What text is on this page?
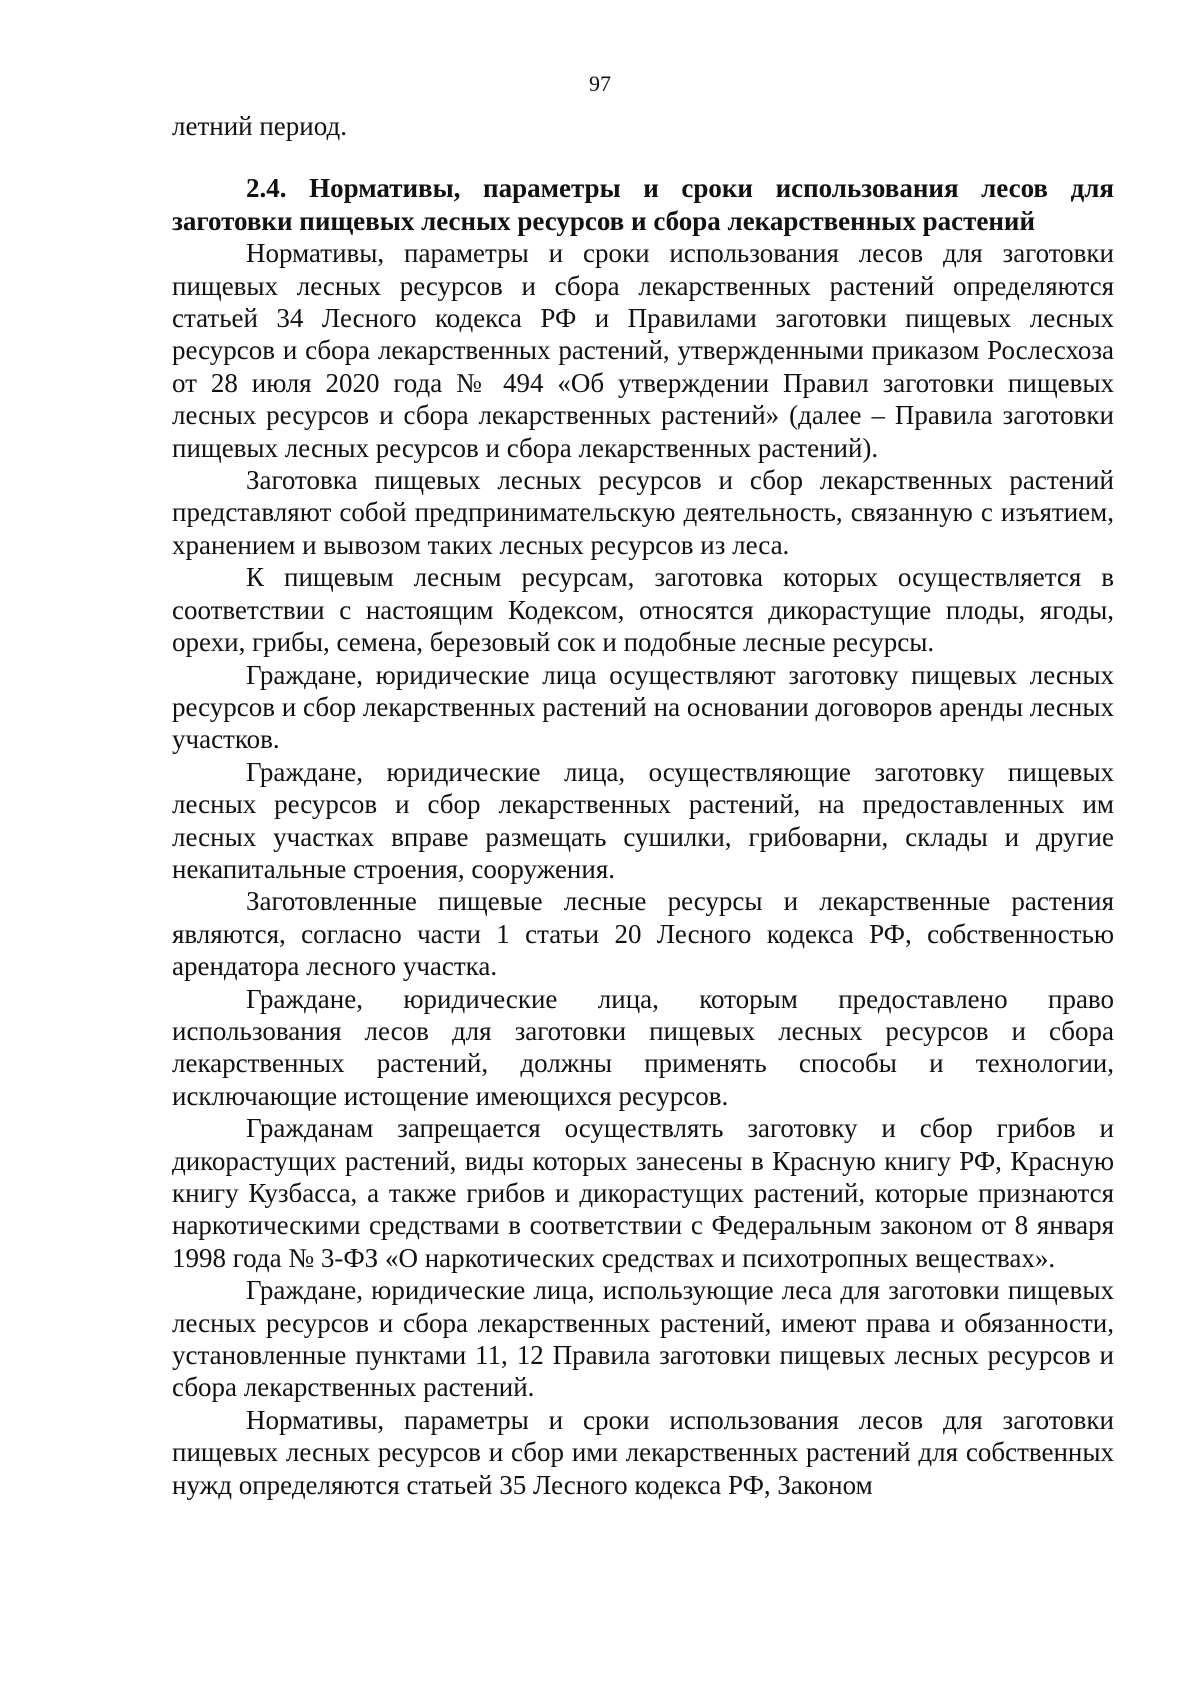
97

летний период.

2.4. Нормативы, параметры и сроки использования лесов для заготовки пищевых лесных ресурсов и сбора лекарственных растений

Нормативы, параметры и сроки использования лесов для заготовки пищевых лесных ресурсов и сбора лекарственных растений определяются статьей 34 Лесного кодекса РФ и Правилами заготовки пищевых лесных ресурсов и сбора лекарственных растений, утвержденными приказом Рослесхоза от 28 июля 2020 года № 494 «Об утверждении Правил заготовки пищевых лесных ресурсов и сбора лекарственных растений» (далее – Правила заготовки пищевых лесных ресурсов и сбора лекарственных растений).

Заготовка пищевых лесных ресурсов и сбор лекарственных растений представляют собой предпринимательскую деятельность, связанную с изъятием, хранением и вывозом таких лесных ресурсов из леса.

К пищевым лесным ресурсам, заготовка которых осуществляется в соответствии с настоящим Кодексом, относятся дикорастущие плоды, ягоды, орехи, грибы, семена, березовый сок и подобные лесные ресурсы.

Граждане, юридические лица осуществляют заготовку пищевых лесных ресурсов и сбор лекарственных растений на основании договоров аренды лесных участков.

Граждане, юридические лица, осуществляющие заготовку пищевых лесных ресурсов и сбор лекарственных растений, на предоставленных им лесных участках вправе размещать сушилки, грибоварни, склады и другие некапитальные строения, сооружения.

Заготовленные пищевые лесные ресурсы и лекарственные растения являются, согласно части 1 статьи 20 Лесного кодекса РФ, собственностью арендатора лесного участка.

Граждане, юридические лица, которым предоставлено право использования лесов для заготовки пищевых лесных ресурсов и сбора лекарственных растений, должны применять способы и технологии, исключающие истощение имеющихся ресурсов.

Гражданам запрещается осуществлять заготовку и сбор грибов и дикорастущих растений, виды которых занесены в Красную книгу РФ, Красную книгу Кузбасса, а также грибов и дикорастущих растений, которые признаются наркотическими средствами в соответствии с Федеральным законом от 8 января 1998 года № 3-ФЗ «О наркотических средствах и психотропных веществах».

Граждане, юридические лица, использующие леса для заготовки пищевых лесных ресурсов и сбора лекарственных растений, имеют права и обязанности, установленные пунктами 11, 12 Правила заготовки пищевых лесных ресурсов и сбора лекарственных растений.

Нормативы, параметры и сроки использования лесов для заготовки пищевых лесных ресурсов и сбор ими лекарственных растений для собственных нужд определяются статьей 35 Лесного кодекса РФ, Законом
